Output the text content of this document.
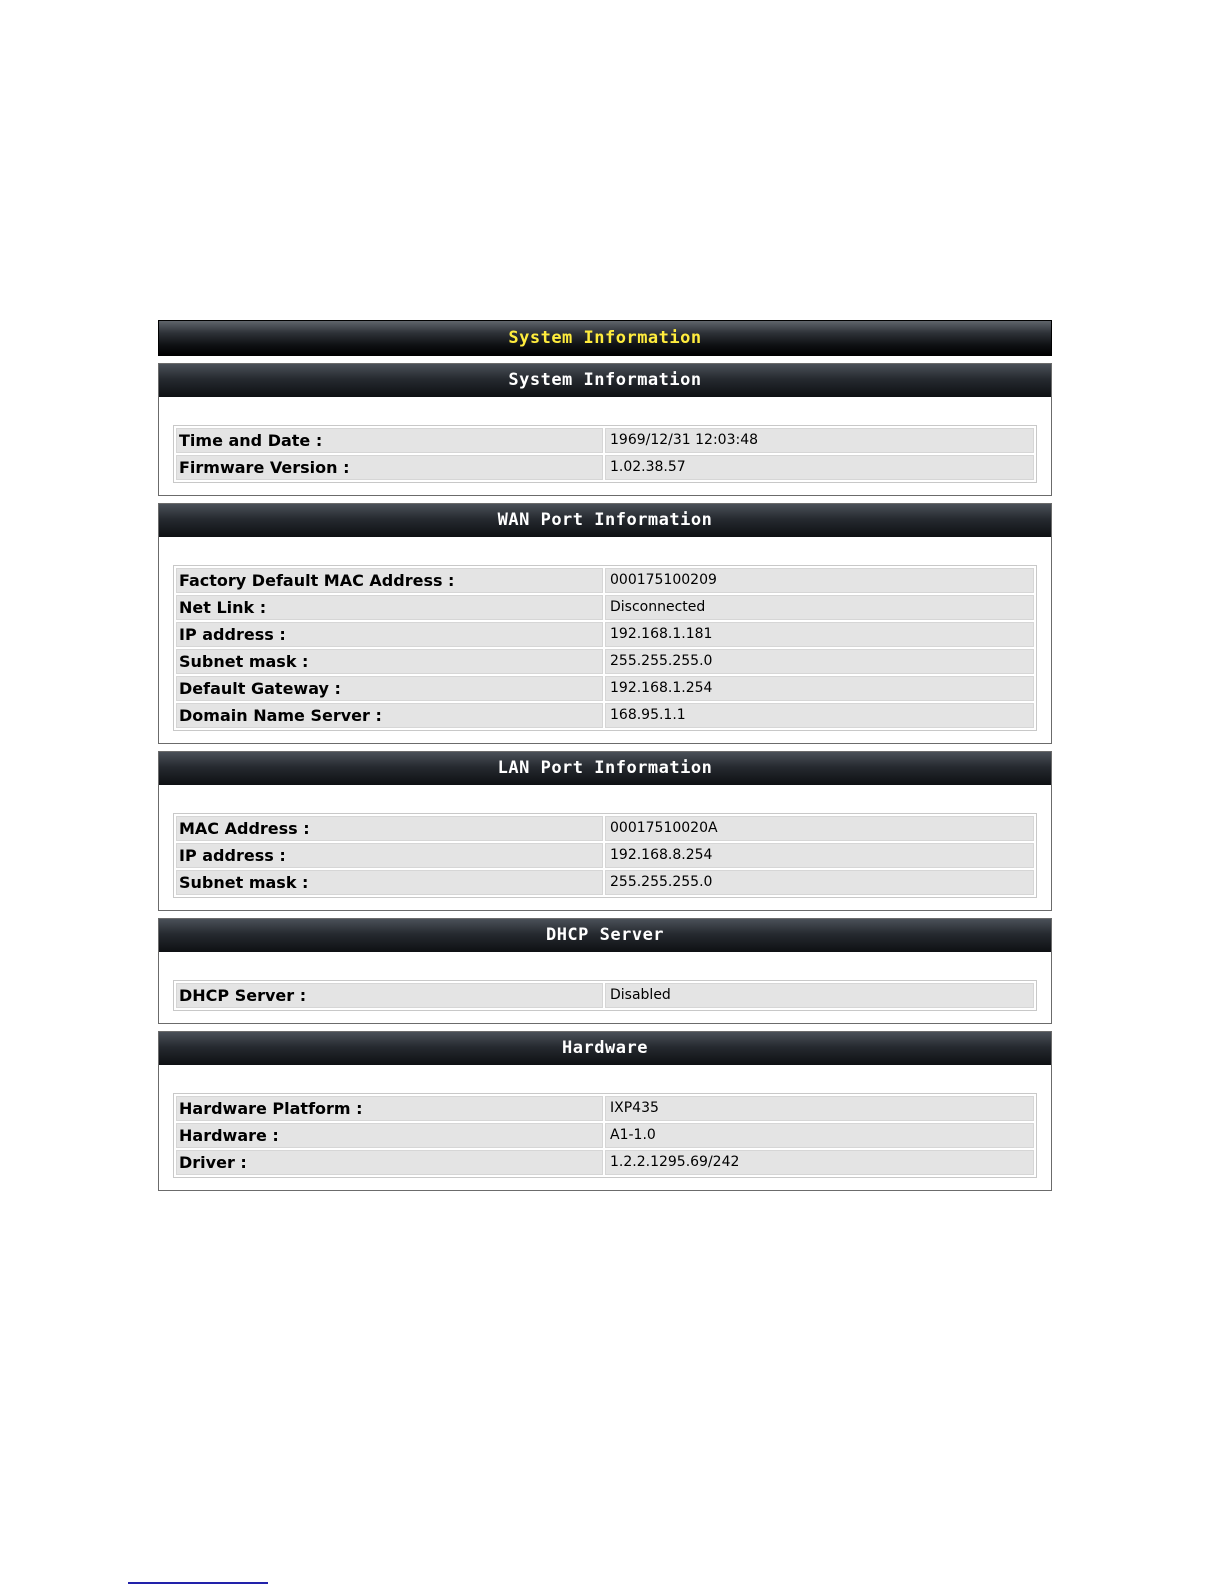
System Information
System Information
Time and Date :	1969/12/31 12:03:48
Firmware Version :	1.02.38.57
WAN Port Information
Factory Default MAC Address :	000175100209
Net Link :	Disconnected
IP address :	192.168.1.181
Subnet mask :	255.255.255.0
Default Gateway :	192.168.1.254
Domain Name Server :	168.95.1.1
LAN Port Information
MAC Address :	00017510020A
IP address :	192.168.8.254
Subnet mask :	255.255.255.0
DHCP Server
DHCP Server :	Disabled
Hardware
Hardware Platform :	IXP435
Hardware :	A1-1.0
Driver :	1.2.2.1295.69/242
